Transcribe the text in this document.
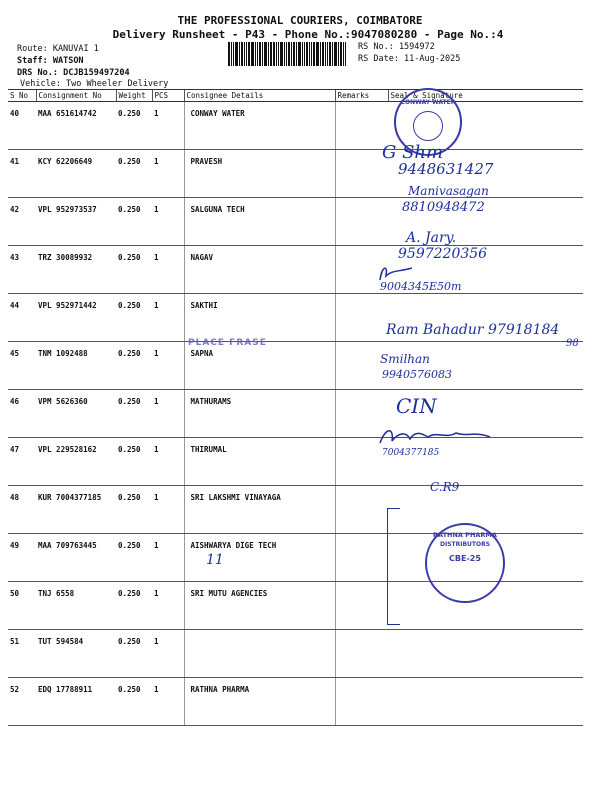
THE PROFESSIONAL COURIERS, COIMBATORE
Delivery Runsheet - P43 - Phone No.:9047080280 - Page No.:4
Route: KANUVAI 1
Staff: WATSON
DRS No.: DCJB159497204
Vehicle: Two Wheeler Delivery
RS No.: 1594972
RS Date: 11-Aug-2025
S No	Consignment No	Weight	PCS	Consignee Details	Remarks	Seal & Signature
40	MAA 651614742	0.250	1	CONWAY WATER		
41	KCY 62206649	0.250	1	PRAVESH		
42	VPL 952973537	0.250	1	SALGUNA TECH		
43	TRZ 30089932	0.250	1	NAGAV		
44	VPL 952971442	0.250	1	SAKTHI		
45	TNM 1092488	0.250	1	SAPNA		
46	VPM 5626360	0.250	1	MATHURAMS		
47	VPL 229528162	0.250	1	THIRUMAL		
48	KUR 7004377185	0.250	1	SRI LAKSHMI VINAYAGA		
49	MAA 709763445	0.250	1	AISHWARYA DIGE TECH		
50	TNJ 6558	0.250	1	SRI MUTU AGENCIES		
51	TUT 594584	0.250	1			
52	EDQ 17788911	0.250	1	RATHNA PHARMA		
CONWAY WATER
PLACE FRASE
RATHNA PHARMA
DISTRIBUTORS
CBE-25
G Shm
9448631427
Manivasagan
8810948472
A. Jary.
9597220356
9004345E50m
Ram Bahadur 97918184
98
Smilhan
9940576083
CIN
7004377185
C.R9
11
